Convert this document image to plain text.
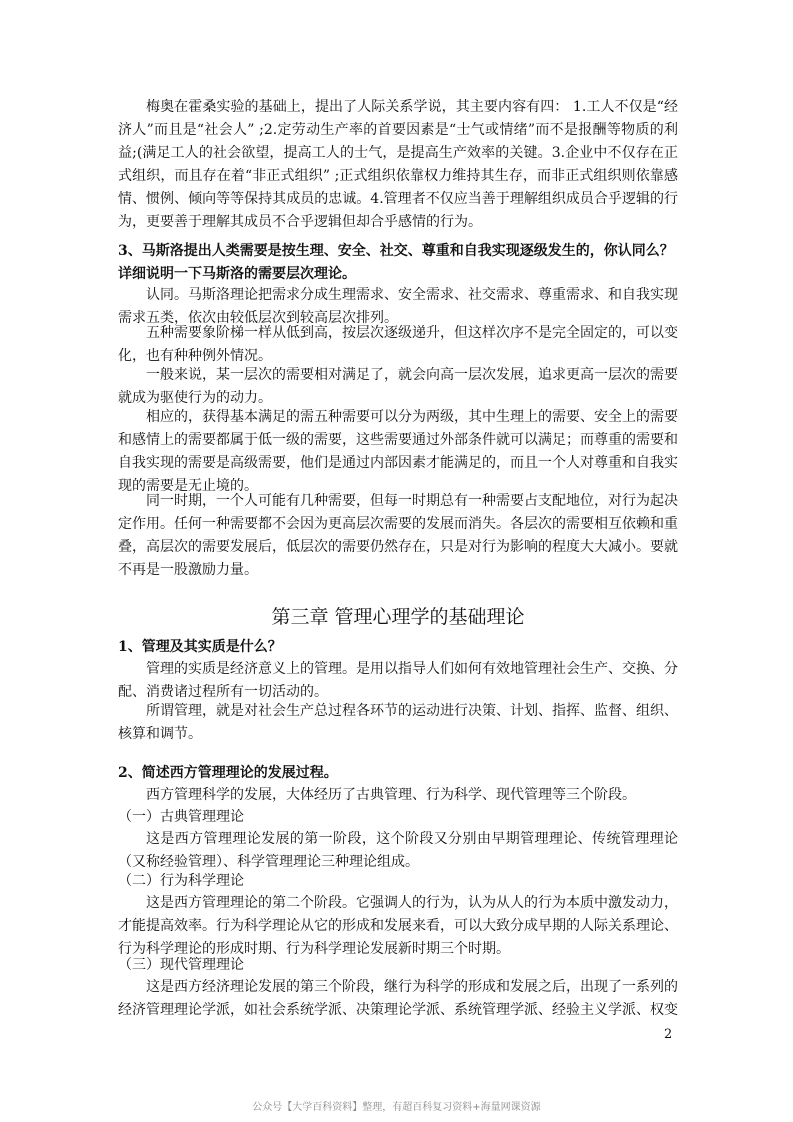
梅奥在霍桑实验的基础上，提出了人际关系学说，其主要内容有四： 1.工人不仅是“经济人”而且是“社会人” ;2.定劳动生产率的首要因素是“士气或情绪”而不是报酬等物质的利益;(满足工人的社会欲望，提高工人的士气，是提高生产效率的关键。3.企业中不仅存在正式组织，而且存在着“非正式组织” ;正式组织依靠权力维持其生存，而非正式组织则依靠感情、惯例、倾向等等保持其成员的忠诚。4.管理者不仅应当善于理解组织成员合乎逻辑的行为，更要善于理解其成员不合乎逻辑但却合乎感情的行为。

3、马斯洛提出人类需要是按生理、安全、社交、尊重和自我实现逐级发生的，你认同么？详细说明一下马斯洛的需要层次理论。

认同。马斯洛理论把需求分成生理需求、安全需求、社交需求、尊重需求、和自我实现需求五类，依次由较低层次到较高层次排列。

五种需要象阶梯一样从低到高，按层次逐级递升，但这样次序不是完全固定的，可以变化，也有种种例外情况。

一般来说，某一层次的需要相对满足了，就会向高一层次发展，追求更高一层次的需要就成为驱使行为的动力。

相应的，获得基本满足的需五种需要可以分为两级，其中生理上的需要、安全上的需要和感情上的需要都属于低一级的需要，这些需要通过外部条件就可以满足；而尊重的需要和自我实现的需要是高级需要，他们是通过内部因素才能满足的，而且一个人对尊重和自我实现的需要是无止境的。

同一时期，一个人可能有几种需要，但每一时期总有一种需要占支配地位，对行为起决定作用。任何一种需要都不会因为更高层次需要的发展而消失。各层次的需要相互依赖和重叠，高层次的需要发展后，低层次的需要仍然存在，只是对行为影响的程度大大减小。要就不再是一股激励力量。

第三章 管理心理学的基础理论

1、管理及其实质是什么？

管理的实质是经济意义上的管理。是用以指导人们如何有效地管理社会生产、交换、分配、消费诸过程所有一切活动的。

所谓管理，就是对社会生产总过程各环节的运动进行决策、计划、指挥、监督、组织、核算和调节。

2、简述西方管理理论的发展过程。

西方管理科学的发展，大体经历了古典管理、行为科学、现代管理等三个阶段。

（一）古典管理理论

这是西方管理理论发展的第一阶段，这个阶段又分别由早期管理理论、传统管理理论（又称经验管理）、科学管理理论三种理论组成。

（二）行为科学理论

这是西方管理理论的第二个阶段。它强调人的行为，认为从人的行为本质中激发动力，才能提高效率。行为科学理论从它的形成和发展来看，可以大致分成早期的人际关系理论、行为科学理论的形成时期、行为科学理论发展新时期三个时期。

（三）现代管理理论

这是西方经济理论发展的第三个阶段，继行为科学的形成和发展之后，出现了一系列的经济管理理论学派，如社会系统学派、决策理论学派、系统管理学派、经验主义学派、权变

2
公众号【大学百科资料】整理，有超百科复习资料+海量网课资源
